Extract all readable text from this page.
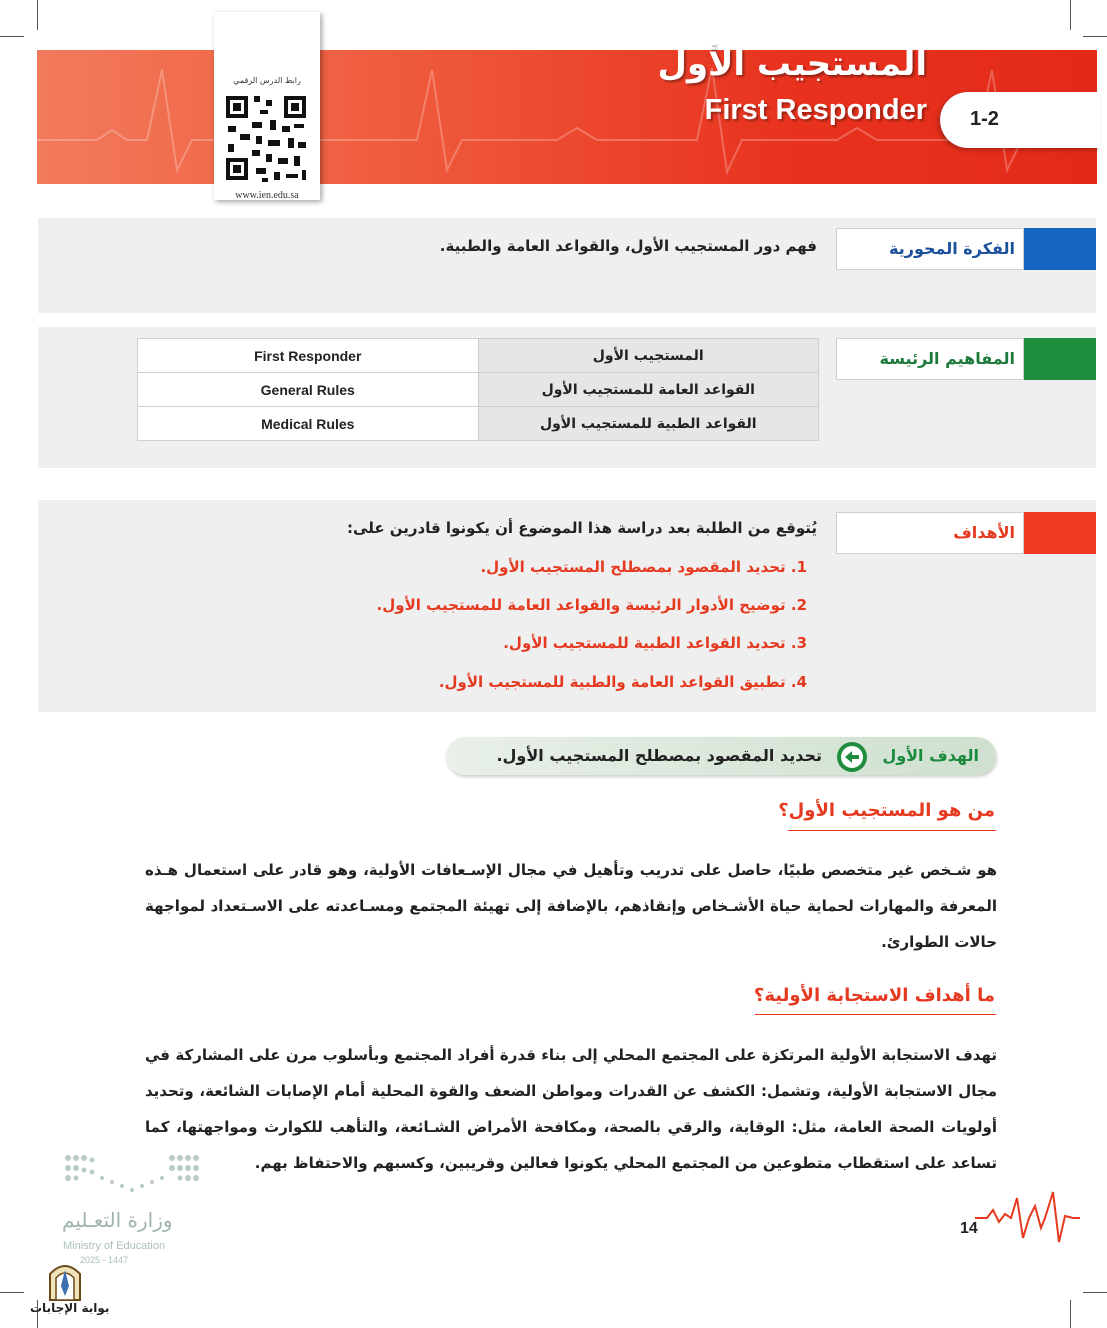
1-2
المستجيب الأول
First Responder
رابط الدرس الرقمي
www.ien.edu.sa
الفكرة المحورية
فهم دور المستجيب الأول، والقواعد العامة والطبية.
المفاهيم الرئيسة
First Responder	المستجيب الأول
General Rules	القواعد العامة للمستجيب الأول
Medical Rules	القواعد الطبية للمستجيب الأول
الأهداف
يُتوقع من الطلبة بعد دراسة هذا الموضوع أن يكونوا قادرين على:
1. تحديد المقصود بمصطلح المستجيب الأول.
2. توضيح الأدوار الرئيسة والقواعد العامة للمستجيب الأول.
3. تحديد القواعد الطبية للمستجيب الأول.
4. تطبيق القواعد العامة والطبية للمستجيب الأول.
الهدف الأول
تحديد المقصود بمصطلح المستجيب الأول.
من هو المستجيب الأول؟
هو شـخص غير متخصص طبيًا، حاصل على تدريب وتأهيل في مجال الإسـعافات الأولية، وهو قادر على استعمال هـذه المعرفة والمهارات لحماية حياة الأشـخاص وإنقاذهم، بالإضافة إلى تهيئة المجتمع ومسـاعدته على الاسـتعداد لمواجهة حالات الطوارئ.
ما أهداف الاستجابة الأولية؟
تهدف الاستجابة الأولية المرتكزة على المجتمع المحلي إلى بناء قدرة أفراد المجتمع وبأسلوب مرن على المشاركة في مجال الاستجابة الأولية، وتشمل: الكشف عن القدرات ومواطن الضعف والقوة المحلية أمام الإصابات الشائعة، وتحديد أولويات الصحة العامة، مثل: الوقاية، والرقي بالصحة، ومكافحة الأمراض الشـائعة، والتأهب للكوارث ومواجهتها، كما تساعد على استقطاب متطوعين من المجتمع المحلي يكونوا فعالين وقريبين، وكسبهم والاحتفاظ بهم.
وزارة التعـليم
Ministry of Education
2025 - 1447
14
بوابة الإجابات
